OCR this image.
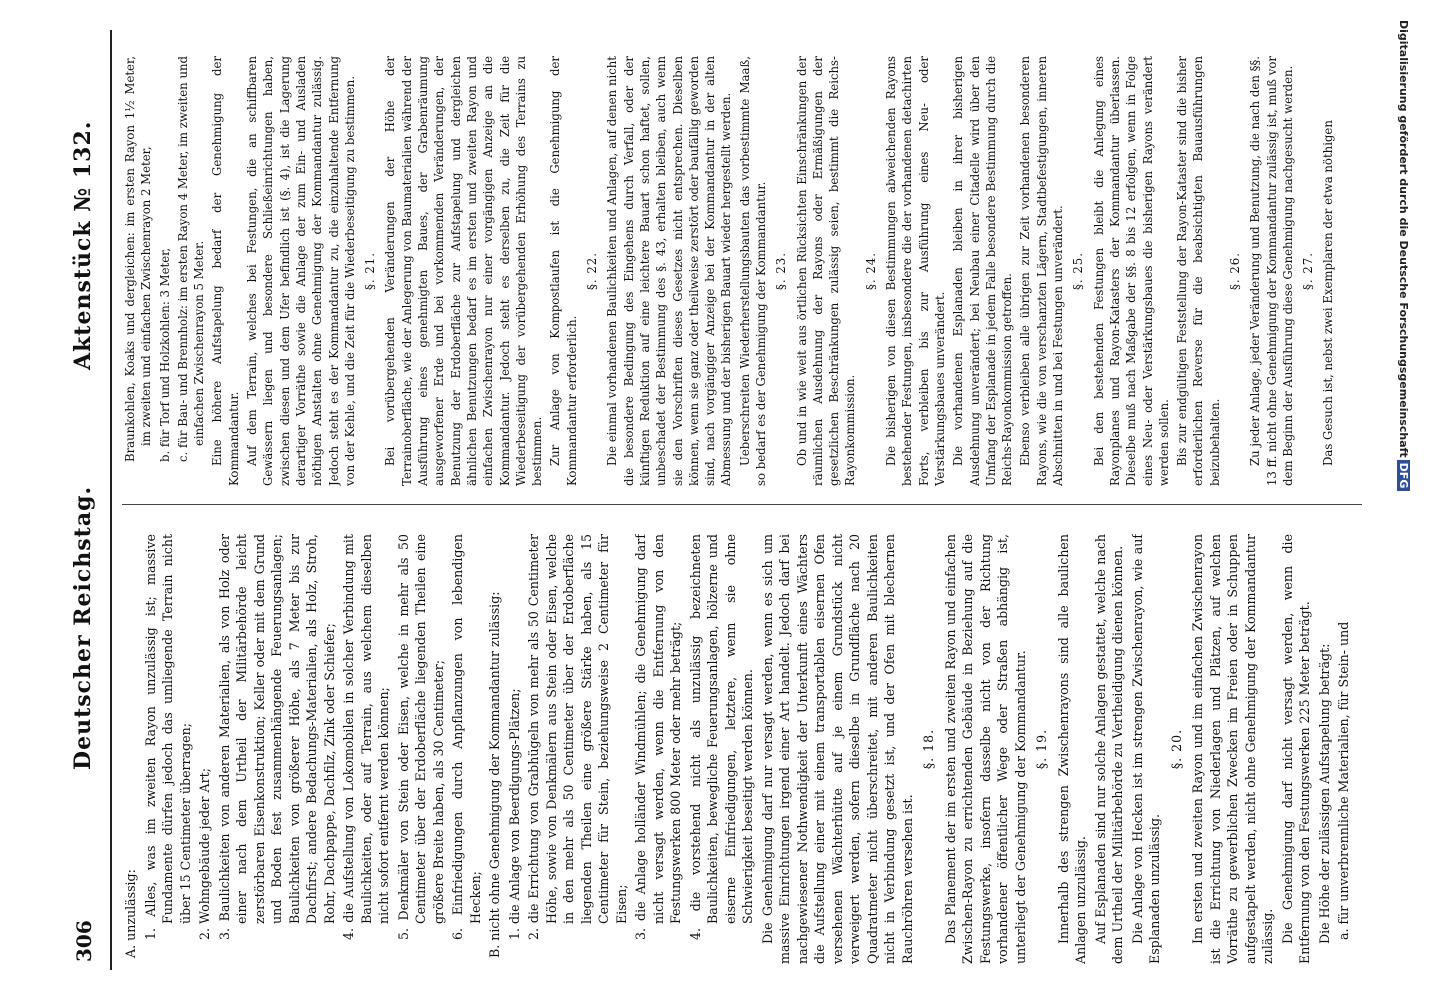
306
Deutscher Reichstag.
Aktenstück № 132.

A. unzulässig: 1. Alles, was im zweiten Rayon unzulässig ist; massive Fundamente dürfen jedoch das umliegende Terrain nicht über 15 Centimeter überragen; 2. Wohngebäude jeder Art; 3. Baulichkeiten von anderen Materialien, als von Holz oder einer nach dem Urtheil der Militärbehörde leicht zerstörbaren Eisenkonstruktion; Keller oder mit dem Grund und Boden fest zusammenhängende Feuerungsanlagen; Baulichkeiten von größerer Höhe, als 7 Meter bis zur Dachfirst; andere Bedachungs-Materialien, als Holz, Stroh, Rohr, Dachpappe, Dachfilz, Zink oder Schiefer; 4. die Aufstellung von Lokomobilen in solcher Verbindung mit Baulichkeiten, oder auf Terrain, aus welchem dieselben nicht sofort entfernt werden können; 5. Denkmäler von Stein oder Eisen, welche in mehr als 50 Centimeter über der Erdoberfläche liegenden Theilen eine größere Breite haben, als 30 Centimeter; 6. Einfriedigungen durch Anpflanzungen von lebendigen Hecken; B. nicht ohne Genehmigung der Kommandantur zulässig: 1. die Anlage von Beerdigungs-Plätzen; 2. die Errichtung von Grabhügeln von mehr als 50 Centimeter Höhe, sowie von Denkmälern aus Stein oder Eisen, welche in den mehr als 50 Centimeter über der Erdoberfläche liegenden Theilen eine größere Stärke haben, als 15 Centimeter für Stein, beziehungsweise 2 Centimeter für Eisen; 3. die Anlage holländer Windmühlen; die Genehmigung darf nicht versagt werden, wenn die Entfernung von den Festungswerken 800 Meter oder mehr beträgt; 4. die vorstehend nicht als unzulässig bezeichneten Baulichkeiten, bewegliche Feuerungsanlagen, hölzerne und eiserne Einfriedigungen, letztere, wenn sie ohne Schwierigkeit beseitigt werden können. Die Genehmigung darf nur versagt werden, wenn es sich um massive Einrichtungen irgend einer Art handelt. Jedoch darf bei nachgewiesener Nothwendigkeit der Unterkunft eines Wächters die Aufstellung einer mit einem transportablen eisernen Ofen versehenen Wächterhütte auf je einem Grundstück nicht verweigert werden, sofern dieselbe in Grundfläche nach 20 Quadratmeter nicht überschreitet, mit anderen Baulichkeiten nicht in Verbindung gesetzt ist, und der Ofen mit blechernen Rauchröhren versehen ist.

§. 18. Das Planement der im ersten und zweiten Rayon und einfachen Zwischen-Rayon zu errichtenden Gebäude in Beziehung auf die Festungswerke, insofern dasselbe nicht von der Richtung vorhandener öffentlicher Wege oder Straßen abhängig ist, unterliegt der Genehmigung der Kommandantur. §. 19. Innerhalb des strengen Zwischenrayons sind alle baulichen Anlagen unzulässig. Auf Esplanaden sind nur solche Anlagen gestattet, welche nach dem Urtheil der Militärbehörde zu Vertheidigung dienen können. Die Anlage von Hecken ist im strengen Zwischenrayon, wie auf Esplanaden unzulässig.

§. 20. Im ersten und zweiten Rayon und im einfachen Zwischenrayon ist die Errichtung von Niederlagen und Plätzen, auf welchen Vorräthe zu gewerblichen Zwecken im Freien oder in Schuppen aufgestapelt werden, nicht ohne Genehmigung der Kommandantur zulässig. Die Genehmigung darf nicht versagt werden, wenn die Entfernung von den Festungswerken 225 Meter beträgt. Die Höhe der zulässigen Aufstapelung beträgt: a. für unverbrennliche Materialien, für Stein- und

Braunkohlen, Koaks und dergleichen: im ersten Rayon 1½ Meter, im zweiten und einfachen Zwischenrayon 2 Meter, b. für Torf und Holzkohlen: 3 Meter, c. für Bau- und Brennholz: im ersten Rayon 4 Meter, im zweiten und einfachen Zwischenrayon 5 Meter. Eine höhere Aufstapelung bedarf der Genehmigung der Kommandantur. Auf dem Terrain, welches bei Festungen, die an schiffbaren Gewässern liegen und besondere Schließeinrichtungen haben, zwischen diesen und dem Ufer befindlich ist (§. 4), ist die Lagerung derartiger Vorräthe sowie die Anlage der zum Ein- und Ausladen nöthigen Anstalten ohne Genehmigung der Kommandantur zulässig. Jedoch steht es der Kommandantur zu, die einzuhaltende Entfernung von der Kehle, und die Zeit für die Wiederbeseitigung zu bestimmen. §. 21. Bei vorübergehenden Veränderungen der Höhe der Terrainoberfläche, wie der Anlegerung von Baumaterialien während der Ausführung eines genehmigten Baues, der Grabenräumung ausgeworfener Erde und bei vorkommenden Veränderungen, der Benutzung der Erdoberfläche zur Aufstapelung und dergleichen ähnlichen Benutzungen bedarf es im ersten und zweiten Rayon und einfachen Zwischenrayon nur einer vorgängigen Anzeige an die Kommandantur. Jedoch steht es derselben zu, die Zeit für die Wiederbeseitigung der vorübergehenden Erhöhung des Terrains zu bestimmen. Zur Anlage von Kompostlaufen ist die Genehmigung der Kommandantur erforderlich.

§. 22. Die einmal vorhandenen Baulichkeiten und Anlagen, auf denen nicht die besondere Bedingung des Eingehens durch Verfall, oder der künftigen Reduktion auf eine leichtere Bauart schon haftet, sollen, unbeschadet der Bestimmung des §. 43, erhalten bleiben, auch wenn sie den Vorschriften dieses Gesetzes nicht entsprechen. Dieselben können, wenn sie ganz oder theilweise zerstört oder baufällig geworden sind, nach vorgängiger Anzeige bei der Kommandantur in der alten Abmessung und der bisherigen Bauart wieder hergestellt werden. Ueberschreiten Wiederherstellungsbauten das vorbestimmte Maaß, so bedarf es der Genehmigung der Kommandantur. §. 23. Ob und in wie weit aus örtlichen Rücksichten Einschränkungen der räumlichen Ausdehnung der Rayons oder Ermäßigungen der gesetzlichen Beschränkungen zulässig seien, bestimmt die Reichs-Rayonkommission.

§. 24. Die bisherigen von diesen Bestimmungen abweichenden Rayons bestehender Festungen, insbesondere die der vorhandenen detachirten Forts, verbleiben bis zur Ausführung eines Neu- oder Verstärkungsbaues unverändert. Die vorhandenen Esplanaden bleiben in ihrer bisherigen Ausdehnung unverändert; bei Neubau einer Citadelle wird über den Umfang der Esplanade in jedem Falle besondere Bestimmung durch die Reichs-Rayonkommission getroffen. Ebenso verbleiben alle übrigen zur Zeit vorhandenen besonderen Rayons, wie die von verschanzten Lägern, Stadtbefestigungen, inneren Abschnitten in und bei Festungen unverändert. §. 25. Bei den bestehenden Festungen bleibt die Anlegung eines Rayonplanes und Rayon-Katasters der Kommandantur überlassen. Dieselbe muß nach Maßgabe der §§. 8 bis 12 erfolgen, wenn in Folge eines Neu- oder Verstärkungsbaues die bisherigen Rayons verändert werden sollen. Bis zur endgültigen Feststellung der Rayon-Kataster sind die bisher erforderlichen Reverse für die beabsichtigten Bauausführungen beizubehalten.

§. 26. Zu jeder Anlage, jeder Veränderung und Benutzung, die nach den §§. 13 ff. nicht ohne Genehmigung der Kommandantur zulässig ist, muß vor dem Beginn der Ausführung diese Genehmigung nachgesucht werden. §. 27. Das Gesuch ist, nebst zwei Exemplaren der etwa nöthigen	Digitalisierung gefördert durch die Deutsche ForschungsgemeinschaftDFG
